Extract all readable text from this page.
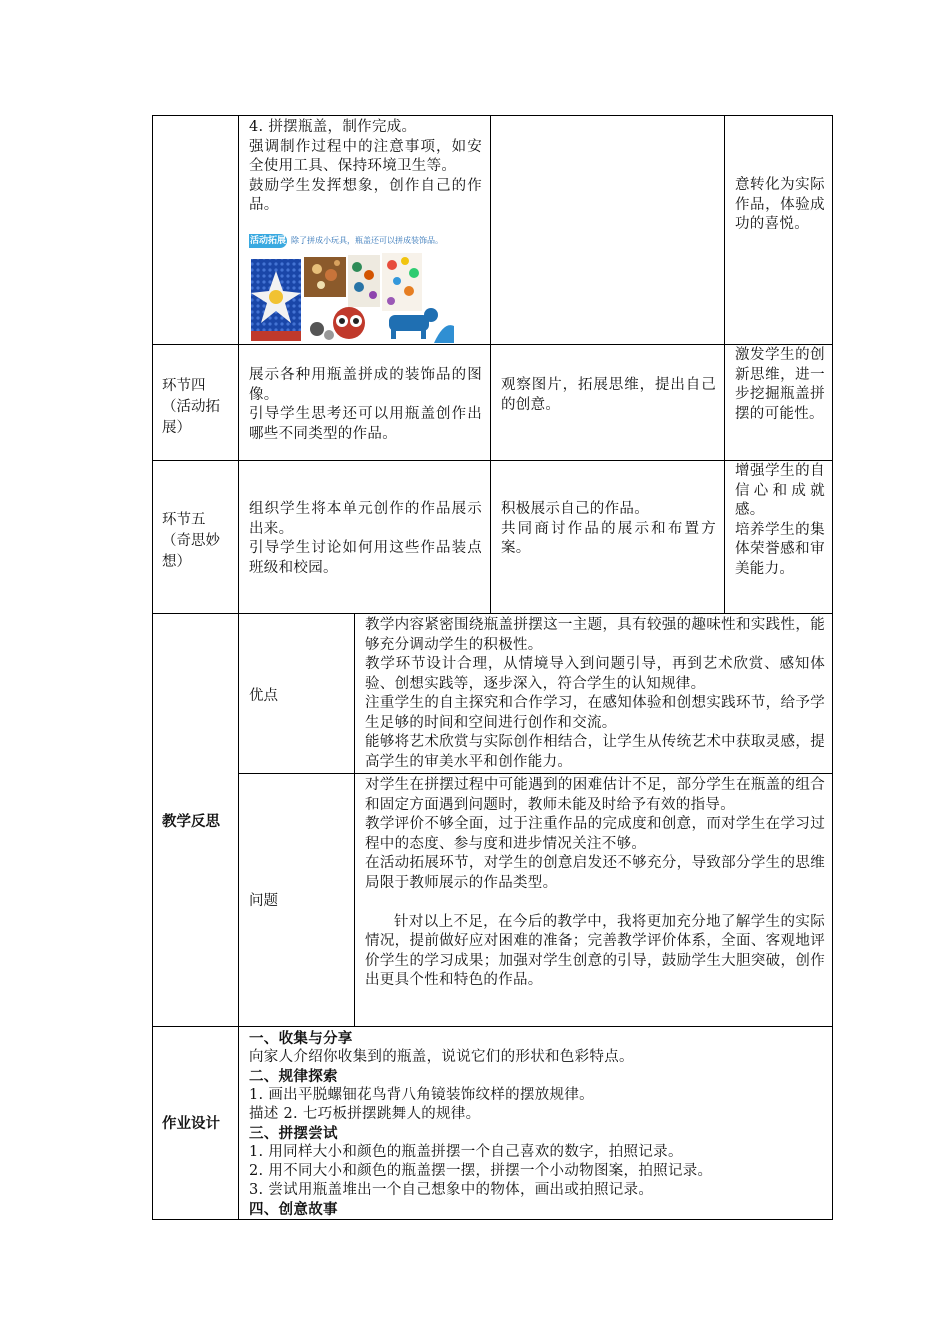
4. 拼摆瓶盖，制作完成。

强调制作过程中的注意事项，如安全使用工具、保持环境卫生等。

鼓励学生发挥想象，创作自己的作品。

活动拓展 除了拼成小玩具，瓶盖还可以拼成装饰品。

意转化为实际作品，体验成功的喜悦。

环节四（活动拓展）

展示各种用瓶盖拼成的装饰品的图像。

引导学生思考还可以用瓶盖创作出哪些不同类型的作品。

观察图片，拓展思维，提出自己的创意。

激发学生的创新思维，进一步挖掘瓶盖拼摆的可能性。

环节五（奇思妙想）

组织学生将本单元创作的作品展示出来。

引导学生讨论如何用这些作品装点班级和校园。

积极展示自己的作品。

共同商讨作品的展示和布置方案。

增强学生的自信心和成就感。

培养学生的集体荣誉感和审美能力。

教学反思
优点

教学内容紧密围绕瓶盖拼摆这一主题，具有较强的趣味性和实践性，能够充分调动学生的积极性。

教学环节设计合理，从情境导入到问题引导，再到艺术欣赏、感知体验、创想实践等，逐步深入，符合学生的认知规律。

注重学生的自主探究和合作学习，在感知体验和创想实践环节，给予学生足够的时间和空间进行创作和交流。

能够将艺术欣赏与实际创作相结合，让学生从传统艺术中获取灵感，提高学生的审美水平和创作能力。

问题

对学生在拼摆过程中可能遇到的困难估计不足，部分学生在瓶盖的组合和固定方面遇到问题时，教师未能及时给予有效的指导。

教学评价不够全面，过于注重作品的完成度和创意，而对学生在学习过程中的态度、参与度和进步情况关注不够。

在活动拓展环节，对学生的创意启发还不够充分，导致部分学生的思维局限于教师展示的作品类型。

针对以上不足，在今后的教学中，我将更加充分地了解学生的实际情况，提前做好应对困难的准备；完善教学评价体系，全面、客观地评价学生的学习成果；加强对学生创意的引导，鼓励学生大胆突破，创作出更具个性和特色的作品。

作业设计

一、收集与分享

向家人介绍你收集到的瓶盖，说说它们的形状和色彩特点。

二、规律探索

1. 画出平脱螺钿花鸟背八角镜装饰纹样的摆放规律。

描述 2. 七巧板拼摆跳舞人的规律。

三、拼摆尝试

1. 用同样大小和颜色的瓶盖拼摆一个自己喜欢的数字，拍照记录。

2. 用不同大小和颜色的瓶盖摆一摆，拼摆一个小动物图案，拍照记录。

3. 尝试用瓶盖堆出一个自己想象中的物体，画出或拍照记录。

四、创意故事
